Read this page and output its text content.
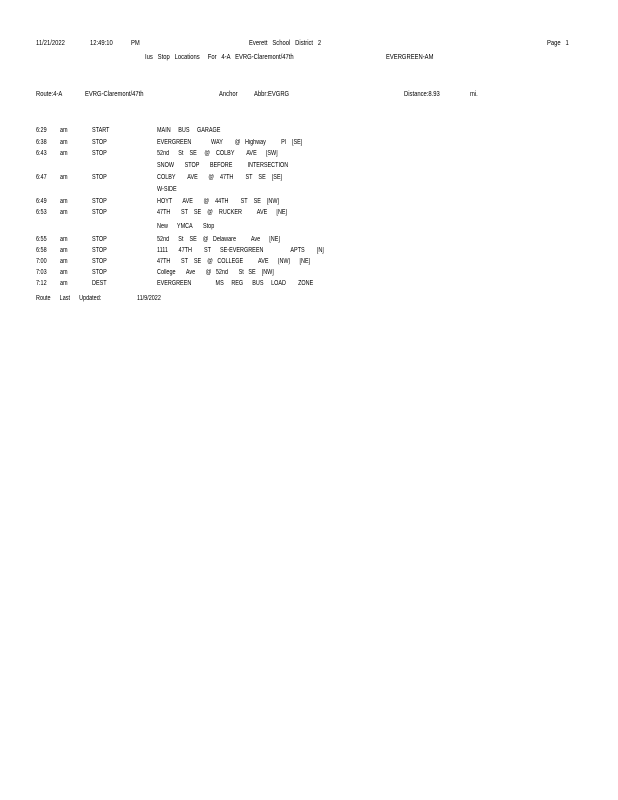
11/21/2022	12:49:10 PM	Everett   School   District   2	Page   1
Ius   Stop   Locations     For   4-A   EVRG-Claremont/47th	EVERGREEN-AM
Route:4-A	EVRG-Claremont/47th	Anchor Abbr:EVGRG	Distance:8.93	mi.
6:29 am	START	MAIN     BUS     GARAGE
6:38 am	STOP	EVERGREEN             WAY        @   Highway          Pl    [SE]
6:43 am	STOP	52nd      St    SE     @    COLBY        AVE      [SW]
SNOW       STOP       BEFORE          INTERSECTION
6:47 am	STOP	COLBY        AVE       @    47TH        ST    SE    [SE]
W-SIDE
6:49 am	STOP	HOYT       AVE       @    44TH        ST    SE    [NW]
6:53 am	STOP	47TH       ST    SE    @    RUCKER          AVE      [NE]
New      YMCA       Stop
6:55 am	STOP	52nd      St    SE    @   Delaware          Ave      [NE]
6:58 am	STOP	1111       47TH        ST      SE-EVERGREEN                  APTS        [N]
7:00 am	STOP	47TH       ST    SE    @   COLLEGE          AVE      (NW)      [NE]
7:03 am	STOP	College       Ave       @   52nd       St   SE    [NW]
7:12 am	DEST	EVERGREEN                MS     REG      BUS     LOAD        ZONE
Route      Last      Updated:	11/9/2022
